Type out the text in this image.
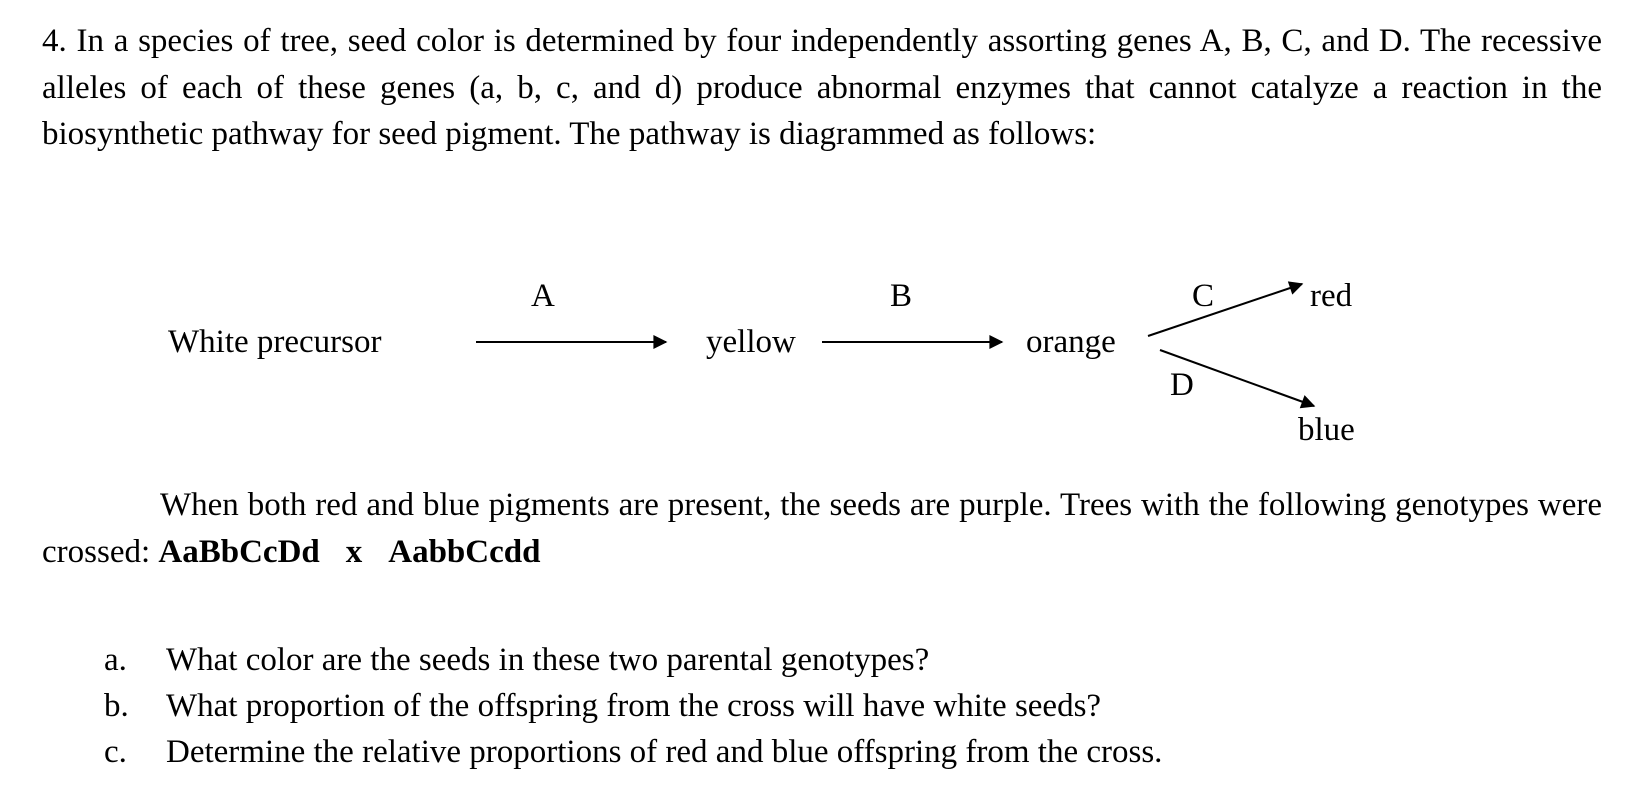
4. In a species of tree, seed color is determined by four independently assorting genes A, B, C, and D. The recessive alleles of each of these genes (a, b, c, and d) produce abnormal enzymes that cannot catalyze a reaction in the biosynthetic pathway for seed pigment. The pathway is diagrammed as follows:

White precursor
A
yellow
B
orange
C	red
D
blue

When both red and blue pigments are present, the seeds are purple. Trees with the following genotypes were crossed: AaBbCcDd x AabbCcdd

a. What color are the seeds in these two parental genotypes?
b. What proportion of the offspring from the cross will have white seeds?
c. Determine the relative proportions of red and blue offspring from the cross.
